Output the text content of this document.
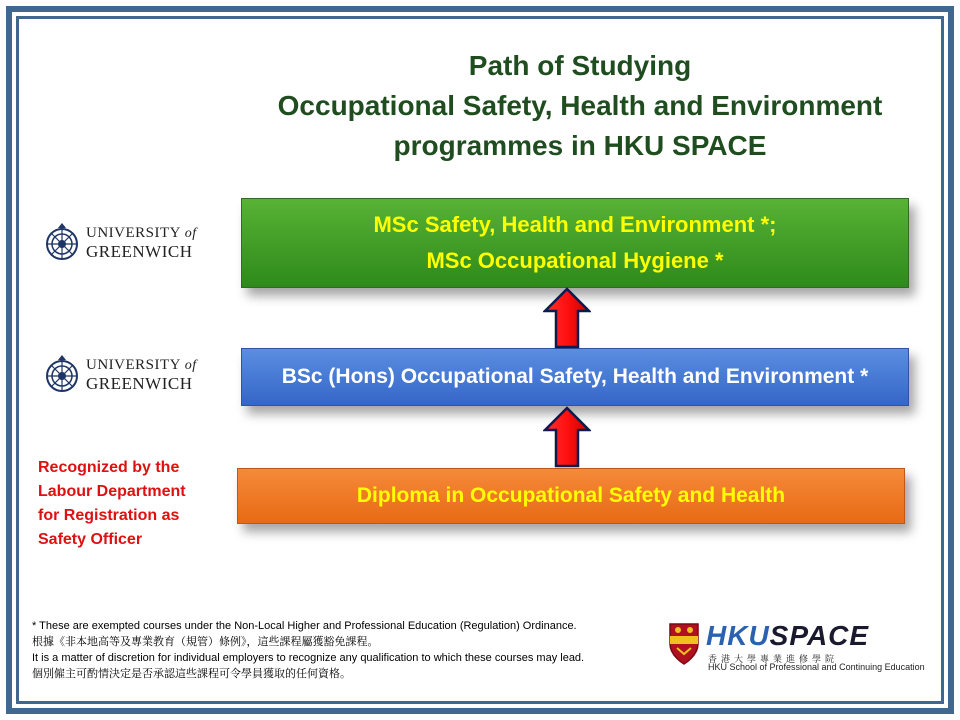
Path of Studying
Occupational Safety, Health and Environment
programmes in HKU SPACE
UNIVERSITY of
GREENWICH
UNIVERSITY of
GREENWICH
MSc Safety, Health and Environment *;
MSc Occupational Hygiene *
BSc (Hons) Occupational Safety, Health and Environment *
Diploma in Occupational Safety and Health
Recognized by the
Labour Department
for Registration as
Safety Officer
* These are exempted courses under the Non-Local Higher and Professional Education (Regulation) Ordinance.
根據《非本地高等及專業教育（規管）條例》，這些課程屬獲豁免課程。
It is a matter of discretion for individual employers to recognize any qualification to which these courses may lead.
個別僱主可酌情決定是否承認這些課程可令學員獲取的任何資格。
HKUSPACE
香港大學專業進修學院
HKU School of Professional and Continuing Education
